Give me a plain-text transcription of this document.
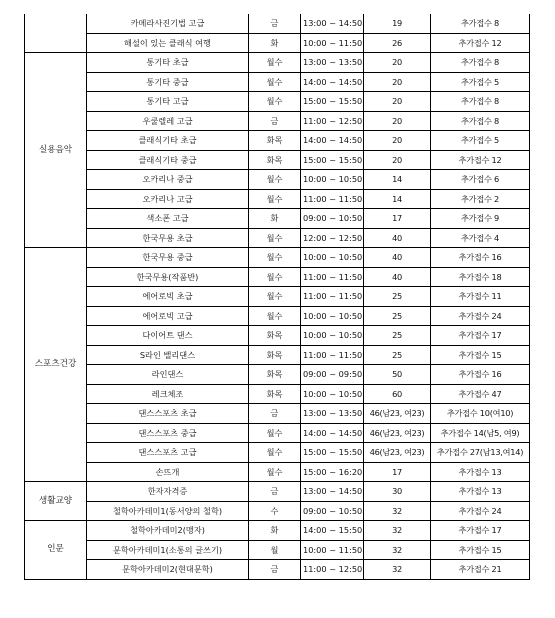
	카메라사진기법 고급	금	13:00 ~ 14:50	19	추가접수 8
	해설이 있는 클래식 여행	화	10:00 ~ 11:50	26	추가접수 12
실용음악	통기타 초급	월수	13:00 ~ 13:50	20	추가접수 8
	통기타 중급	월수	14:00 ~ 14:50	20	추가접수 5
	통기타 고급	월수	15:00 ~ 15:50	20	추가접수 8
	우쿨렐레 고급	금	11:00 ~ 12:50	20	추가접수 8
	클래식기타 초급	화목	14:00 ~ 14:50	20	추가접수 5
	클래식기타 중급	화목	15:00 ~ 15:50	20	추가접수 12
	오카리나 중급	월수	10:00 ~ 10:50	14	추가접수 6
	오카리나 고급	월수	11:00 ~ 11:50	14	추가접수 2
	색소폰 고급	화	09:00 ~ 10:50	17	추가접수 9
	한국무용 초급	월수	12:00 ~ 12:50	40	추가접수 4
스포츠건강	한국무용 중급	월수	10:00 ~ 10:50	40	추가접수 16
	한국무용(작품반)	월수	11:00 ~ 11:50	40	추가접수 18
	에어로빅 초급	월수	11:00 ~ 11:50	25	추가접수 11
	에어로빅 고급	월수	10:00 ~ 10:50	25	추가접수 24
	다이어트 댄스	화목	10:00 ~ 10:50	25	추가접수 17
	S라인 밸리댄스	화목	11:00 ~ 11:50	25	추가접수 15
	라인댄스	화목	09:00 ~ 09:50	50	추가접수 16
	레크체조	화목	10:00 ~ 10:50	60	추가접수 47
	댄스스포츠 초급	금	13:00 ~ 13:50	46(남23, 여23)	추가접수 10(여10)
	댄스스포츠 중급	월수	14:00 ~ 14:50	46(남23, 여23)	추가접수 14(남5, 여9)
	댄스스포츠 고급	월수	15:00 ~ 15:50	46(남23, 여23)	추가접수 27(남13,여14)
	손뜨개	월수	15:00 ~ 16:20	17	추가접수 13
생활교양	한자자격증	금	13:00 ~ 14:50	30	추가접수 13
	철학아카데미1(동서양의 철학)	수	09:00 ~ 10:50	32	추가접수 24
인문	철학아카데미2(맹자)	화	14:00 ~ 15:50	32	추가접수 17
	문학아카데미1(소통의 글쓰기)	월	10:00 ~ 11:50	32	추가접수 15
	문학아카데미2(현대문학)	금	11:00 ~ 12:50	32	추가접수 21
